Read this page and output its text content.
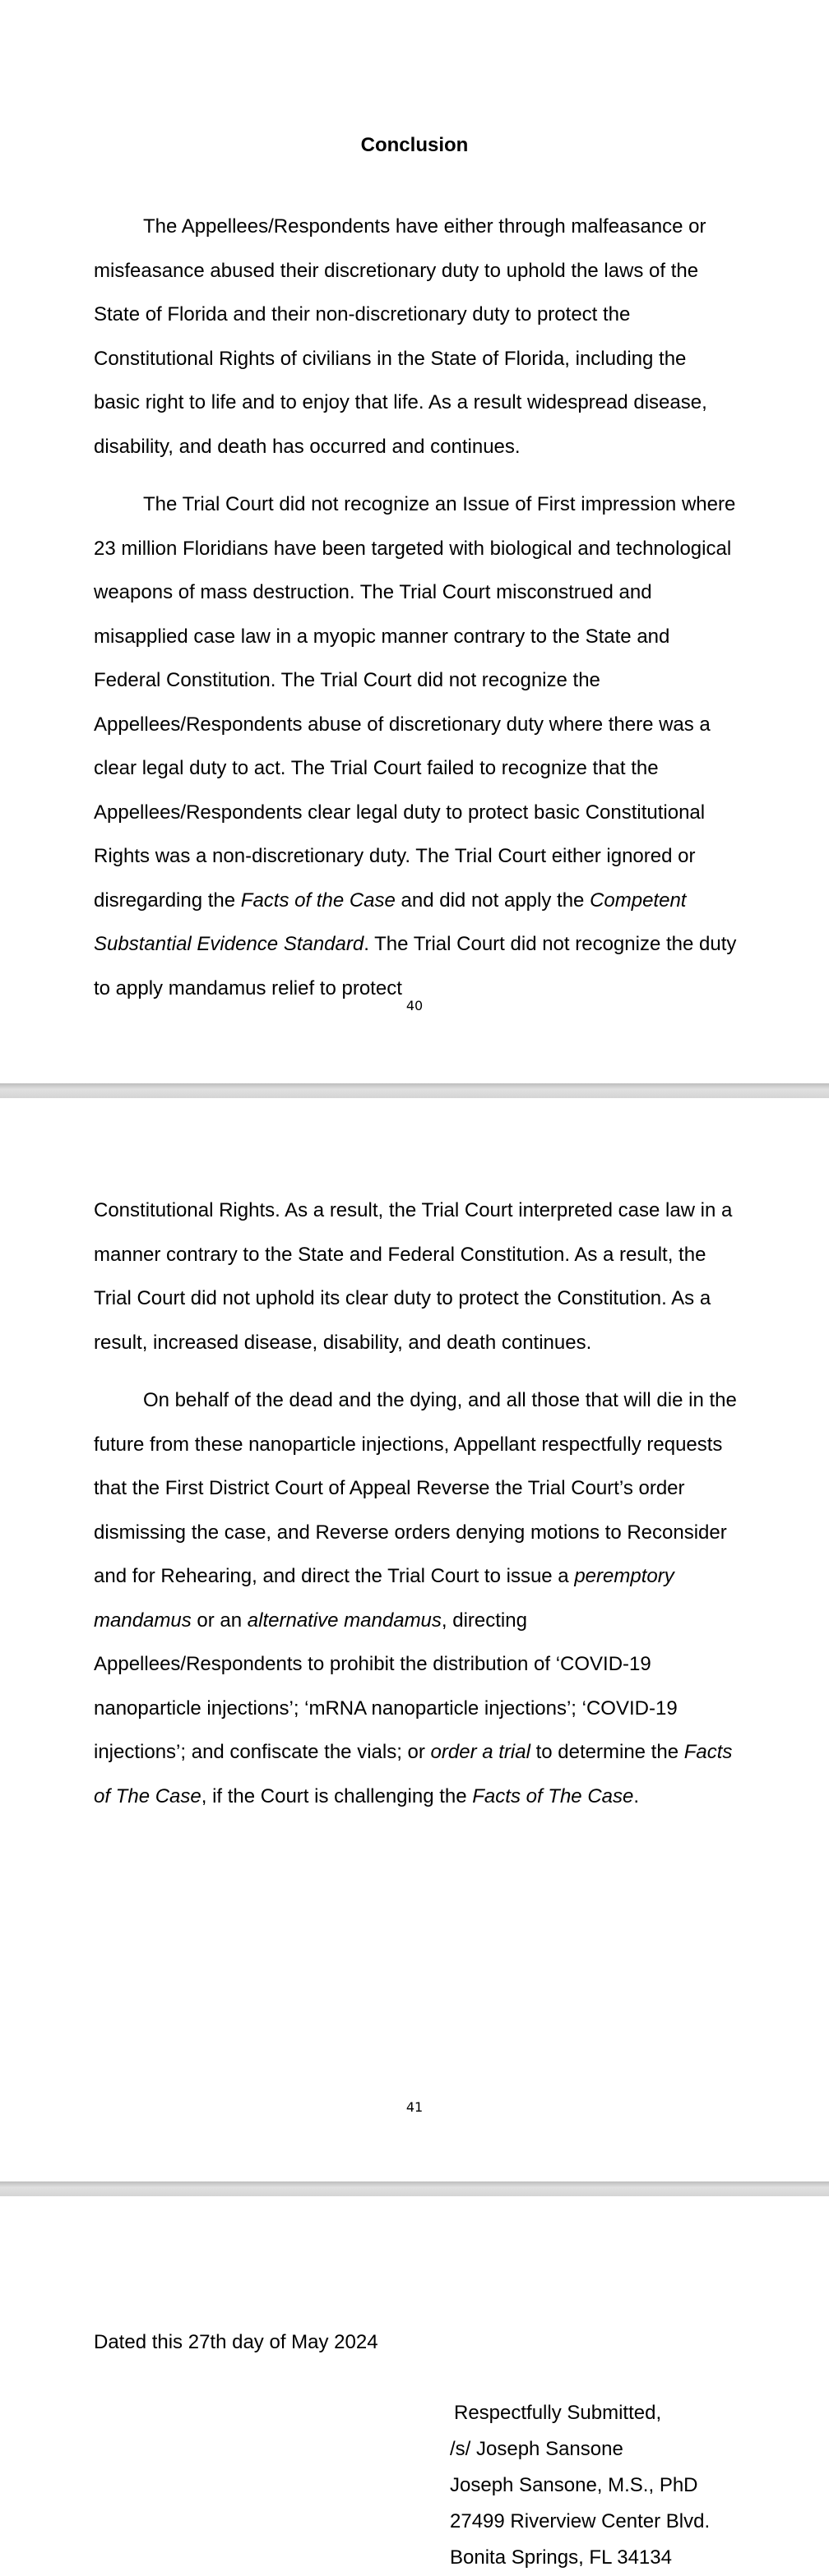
Conclusion

The Appellees/Respondents have either through malfeasance or misfeasance abused their discretionary duty to uphold the laws of the State of Florida and their non-discretionary duty to protect the Constitutional Rights of civilians in the State of Florida, including the basic right to life and to enjoy that life. As a result widespread disease, disability, and death has occurred and continues.

The Trial Court did not recognize an Issue of First impression where 23 million Floridians have been targeted with biological and technological weapons of mass destruction. The Trial Court misconstrued and misapplied case law in a myopic manner contrary to the State and Federal Constitution. The Trial Court did not recognize the Appellees/Respondents abuse of discretionary duty where there was a clear legal duty to act. The Trial Court failed to recognize that the Appellees/Respondents clear legal duty to protect basic Constitutional Rights was a non-discretionary duty. The Trial Court either ignored or disregarding the Facts of the Case and did not apply the Competent Substantial Evidence Standard. The Trial Court did not recognize the duty to apply mandamus relief to protect

40

Constitutional Rights. As a result, the Trial Court interpreted case law in a manner contrary to the State and Federal Constitution. As a result, the Trial Court did not uphold its clear duty to protect the Constitution. As a result, increased disease, disability, and death continues.

On behalf of the dead and the dying, and all those that will die in the future from these nanoparticle injections, Appellant respectfully requests that the First District Court of Appeal Reverse the Trial Court’s order dismissing the case, and Reverse orders denying motions to Reconsider and for Rehearing, and direct the Trial Court to issue a peremptory mandamus or an alternative mandamus, directing Appellees/Respondents to prohibit the distribution of ‘COVID-19 nanoparticle injections’; ‘mRNA nanoparticle injections’; ‘COVID-19 injections’; and confiscate the vials; or order a trial to determine the Facts of The Case, if the Court is challenging the Facts of The Case.

41
Dated this 27th day of May 2024
Respectfully Submitted,
/s/ Joseph Sansone
Joseph Sansone, M.S., PhD
27499 Riverview Center Blvd.
Bonita Springs, FL 34134
